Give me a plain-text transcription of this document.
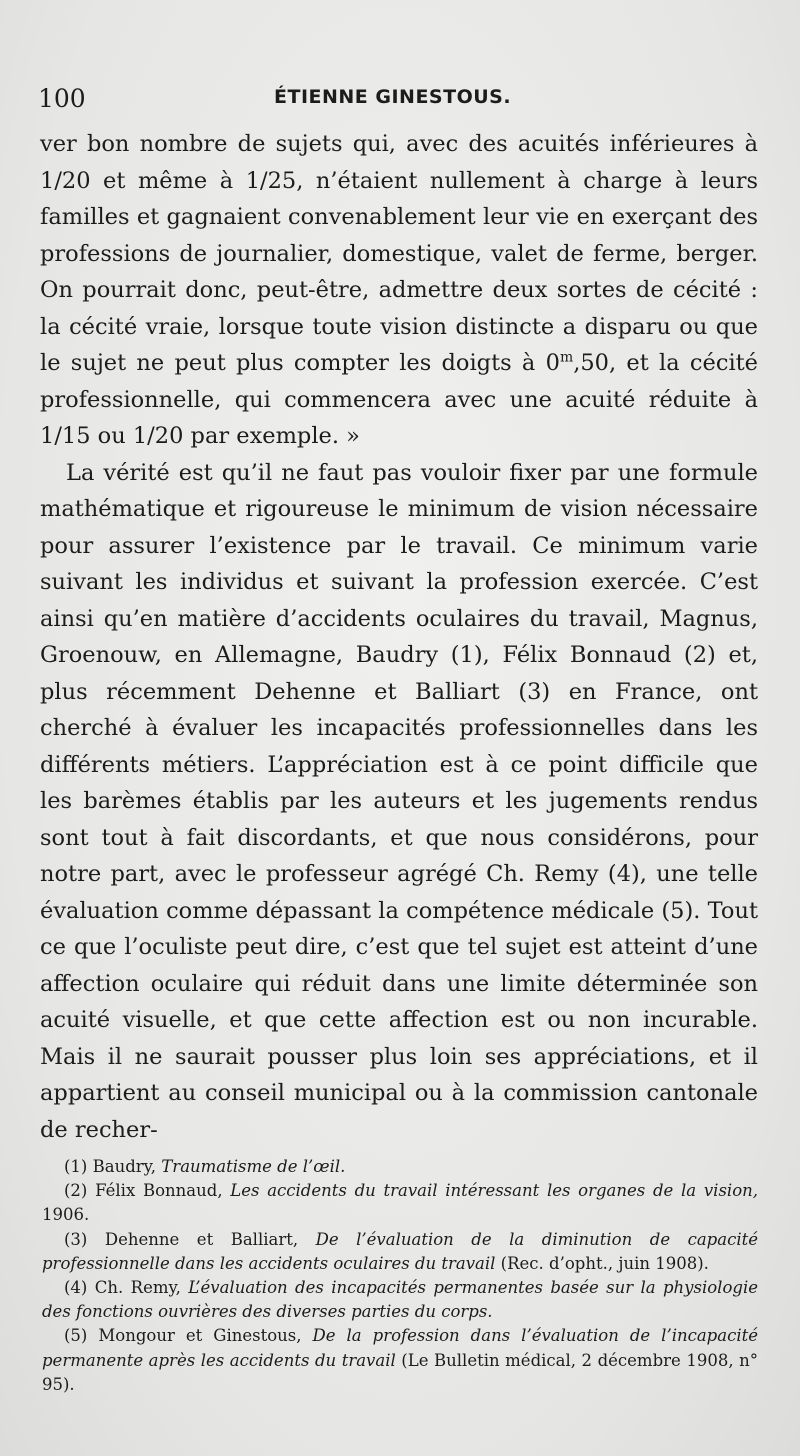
100	ÉTIENNE GINESTOUS.

ver bon nombre de sujets qui, avec des acuités inférieures à 1/20 et même à 1/25, n’étaient nullement à charge à leurs familles et gagnaient convenablement leur vie en exerçant des professions de journalier, domestique, valet de ferme, berger. On pourrait donc, peut-être, admettre deux sortes de cécité : la cécité vraie, lorsque toute vision distincte a disparu ou que le sujet ne peut plus compter les doigts à 0$^m$,50, et la cécité professionnelle, qui commencera avec une acuité réduite à 1/15 ou 1/20 par exemple. »

La vérité est qu’il ne faut pas vouloir fixer par une formule mathématique et rigoureuse le minimum de vision nécessaire pour assurer l’existence par le travail. Ce minimum varie suivant les individus et suivant la profession exercée. C’est ainsi qu’en matière d’accidents oculaires du travail, Magnus, Groenouw, en Allemagne, Baudry (1), Félix Bonnaud (2) et, plus récemment Dehenne et Balliart (3) en France, ont cherché à évaluer les incapacités professionnelles dans les différents métiers. L’appréciation est à ce point difficile que les barèmes établis par les auteurs et les jugements rendus sont tout à fait discordants, et que nous considérons, pour notre part, avec le professeur agrégé Ch. Remy (4), une telle évaluation comme dépassant la compétence médicale (5). Tout ce que l’oculiste peut dire, c’est que tel sujet est atteint d’une affection oculaire qui réduit dans une limite déterminée son acuité visuelle, et que cette affection est ou non incurable. Mais il ne saurait pousser plus loin ses appréciations, et il appartient au conseil municipal ou à la commission cantonale de recher-

(1) Baudry, Traumatisme de l’œil.

(2) Félix Bonnaud, Les accidents du travail intéressant les organes de la vision, 1906.

(3) Dehenne et Balliart, De l’évaluation de la diminution de capacité professionnelle dans les accidents oculaires du travail (Rec. d’opht., juin 1908).

(4) Ch. Remy, L’évaluation des incapacités permanentes basée sur la physiologie des fonctions ouvrières des diverses parties du corps.

(5) Mongour et Ginestous, De la profession dans l’évaluation de l’incapacité permanente après les accidents du travail (Le Bulletin médical, 2 décembre 1908, n° 95).
